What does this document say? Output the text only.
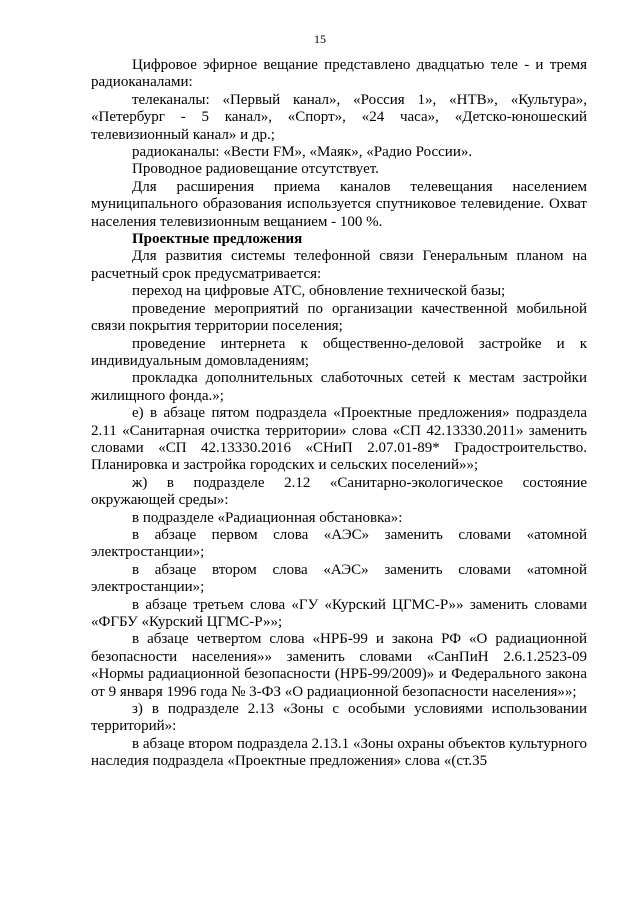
15

Цифровое эфирное вещание представлено двадцатью теле - и тремя радиоканалами:

телеканалы: «Первый канал», «Россия 1», «НТВ», «Культура», «Петербург - 5 канал», «Спорт», «24 часа», «Детско-юношеский телевизионный канал» и др.;

радиоканалы: «Вести FM», «Маяк», «Радио России».

Проводное радиовещание отсутствует.

Для расширения приема каналов телевещания населением муниципального образования используется спутниковое телевидение. Охват населения телевизионным вещанием - 100 %.

Проектные предложения

Для развития системы телефонной связи Генеральным планом на расчетный срок предусматривается:

переход на цифровые АТС, обновление технической базы;

проведение мероприятий по организации качественной мобильной связи покрытия территории поселения;

проведение интернета к общественно-деловой застройке и к индивидуальным домовладениям;

прокладка дополнительных слаботочных сетей к местам застройки жилищного фонда.»;

е) в абзаце пятом подраздела «Проектные предложения» подраздела 2.11 «Санитарная очистка территории» слова «СП 42.13330.2011» заменить словами «СП 42.13330.2016 «СНиП 2.07.01-89* Градостроительство. Планировка и застройка городских и сельских поселений»»;

ж) в подразделе 2.12 «Санитарно-экологическое состояние окружающей среды»:

в подразделе «Радиационная обстановка»:

в абзаце первом слова «АЭС» заменить словами «атомной электростанции»;

в абзаце втором слова «АЭС» заменить словами «атомной электростанции»;

в абзаце третьем слова «ГУ «Курский ЦГМС-Р»» заменить словами «ФГБУ «Курский ЦГМС-Р»»;

в абзаце четвертом слова «НРБ-99 и закона РФ «О радиационной безопасности населения»» заменить словами «СанПиН 2.6.1.2523-09 «Нормы радиационной безопасности (НРБ-99/2009)» и Федерального закона от 9 января 1996 года № 3-ФЗ «О радиационной безопасности населения»»;

з) в подразделе 2.13 «Зоны с особыми условиями использовании территорий»:

в абзаце втором подраздела 2.13.1 «Зоны охраны объектов культурного наследия подраздела «Проектные предложения» слова «(ст.35
